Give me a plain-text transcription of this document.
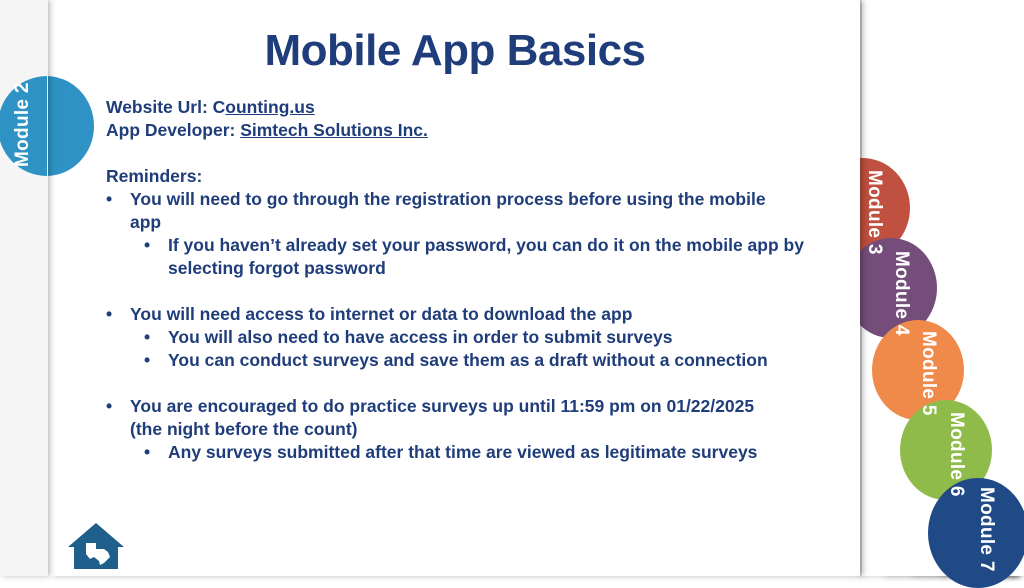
Module 3
Module 4
Module 5
Module 6
Module 7
Module 2
Mobile App Basics

Website Url: Counting.us

App Developer: Simtech Solutions Inc.

Reminders:

• You will need to go through the registration process before using the mobile app

• If you haven’t already set your password, you can do it on the mobile app by selecting forgot password

• You will need access to internet or data to download the app

• You will also need to have access in order to submit surveys

• You can conduct surveys and save them as a draft without a connection

• You are encouraged to do practice surveys up until 11:59 pm on 01/22/2025 (the night before the count)

• Any surveys submitted after that time are viewed as legitimate surveys
